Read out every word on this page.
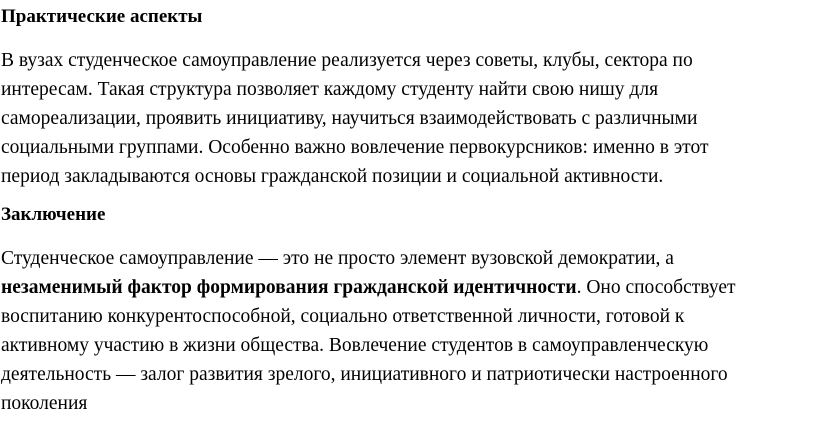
Практические аспекты
В вузах студенческое самоуправление реализуется через советы, клубы, сектора по
интересам. Такая структура позволяет каждому студенту найти свою нишу для
самореализации, проявить инициативу, научиться взаимодействовать с различными
социальными группами. Особенно важно вовлечение первокурсников: именно в этот
период закладываются основы гражданской позиции и социальной активности.
Заключение
Студенческое самоуправление — это не просто элемент вузовской демократии, а
незаменимый фактор формирования гражданской идентичности. Оно способствует
воспитанию конкурентоспособной, социально ответственной личности, готовой к
активному участию в жизни общества. Вовлечение студентов в самоуправленческую
деятельность — залог развития зрелого, инициативного и патриотически настроенного
поколения
